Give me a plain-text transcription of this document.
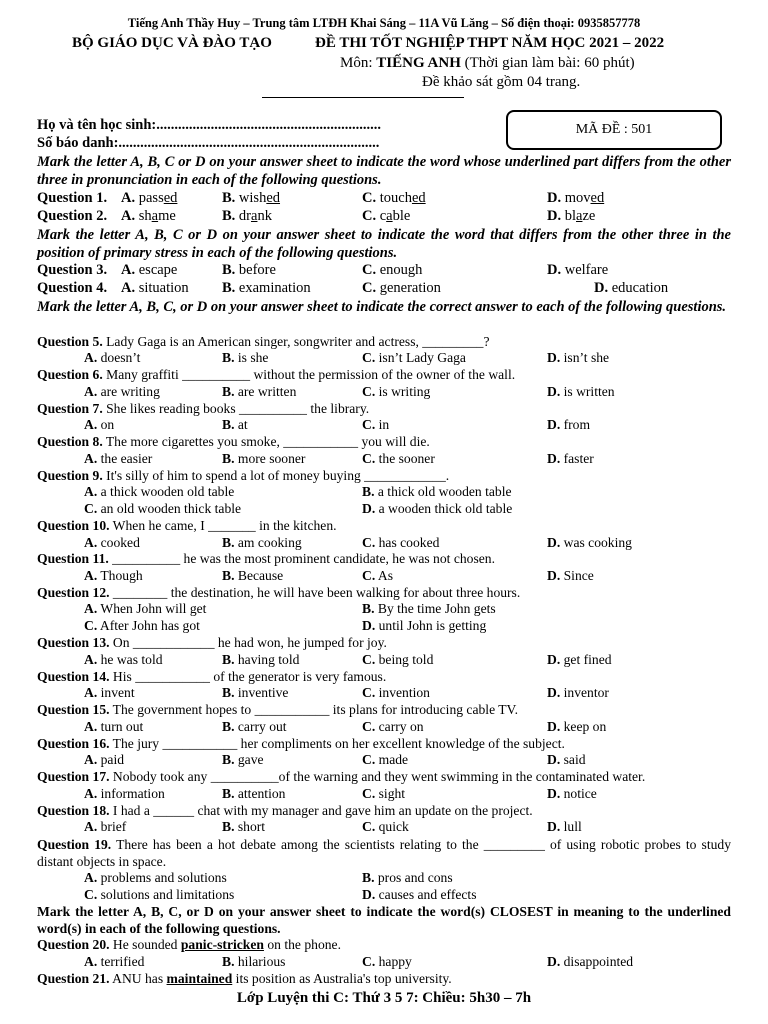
Tiếng Anh Thầy Huy – Trung tâm LTĐH Khai Sáng – 11A Vũ Lăng – Số điện thoại: 0935857778
BỘ GIÁO DỤC VÀ ĐÀO TẠO	ĐỀ THI TỐT NGHIỆP THPT NĂM HỌC 2021 – 2022
Môn: TIẾNG ANH (Thời gian làm bài: 60 phút)
Đề khảo sát gồm 04 trang.
MÃ ĐỀ : 501
Họ và tên học sinh:..............................................................
Số báo danh:........................................................................
Mark the letter A, B, C or D on your answer sheet to indicate the word whose underlined part differs from the other three in pronunciation in each of the following questions.
Question 1. A. passed	B. wished	C. touched	D. moved
Question 2. A. shame	B. drank	C. cable	D. blaze
Mark the letter A, B, C or D on your answer sheet to indicate the word that differs from the other three in the position of primary stress in each of the following questions.
Question 3. A. escape	B. before	C. enough	D. welfare
Question 4. A. situation B. examination	C. generation	D. education
Mark the letter A, B, C, or D on your answer sheet to indicate the correct answer to each of the following questions.
Question 5. Lady Gaga is an American singer, songwriter and actress, _________?
A. doesn’t	B. is she	C. isn’t Lady Gaga	D. isn’t she
Question 6. Many graffiti __________ without the permission of the owner of the wall.
A. are writing	B. are written	C. is writing	D. is written
Question 7. She likes reading books __________ the library.
A. on	B. at	C. in	D. from
Question 8. The more cigarettes you smoke, ___________ you will die.
A. the easier	B. more sooner	C. the sooner	D. faster
Question 9. It's silly of him to spend a lot of money buying ____________.
A. a thick wooden old table	B. a thick old wooden table
C. an old wooden thick table	D. a wooden thick old table
Question 10. When he came, I _______ in the kitchen.
A. cooked	B. am cooking	C. has cooked	D. was cooking
Question 11. __________ he was the most prominent candidate, he was not chosen.
A. Though	B. Because	C. As	D. Since
Question 12. ________ the destination, he will have been walking for about three hours.
A. When John will get	B. By the time John gets
C. After John has got	D. until John is getting
Question 13. On ____________ he had won, he jumped for joy.
A. he was told	B. having told	C. being told	D. get fined
Question 14. His ___________ of the generator is very famous.
A. invent	B. inventive	C. invention	D. inventor
Question 15. The government hopes to ___________ its plans for introducing cable TV.
A. turn out	B. carry out	C. carry on	D. keep on
Question 16. The jury ___________ her compliments on her excellent knowledge of the subject.
A. paid	B. gave	C. made	D. said
Question 17. Nobody took any __________of the warning and they went swimming in the contaminated water.
A. information	B. attention	C. sight	D. notice
Question 18. I had a ______ chat with my manager and gave him an update on the project.
A. brief	B. short	C. quick	D. lull
Question 19. There has been a hot debate among the scientists relating to the _________ of using robotic probes to study distant objects in space.
A. problems and solutions	B. pros and cons
C. solutions and limitations	D. causes and effects
Mark the letter A, B, C, or D on your answer sheet to indicate the word(s) CLOSEST in meaning to the underlined word(s) in each of the following questions.
Question 20. He sounded panic-stricken on the phone.
A. terrified	B. hilarious	C. happy	D. disappointed
Question 21. ANU has maintained its position as Australia's top university.
Lớp Luyện thi C: Thứ 3 5 7: Chiều: 5h30 – 7h
